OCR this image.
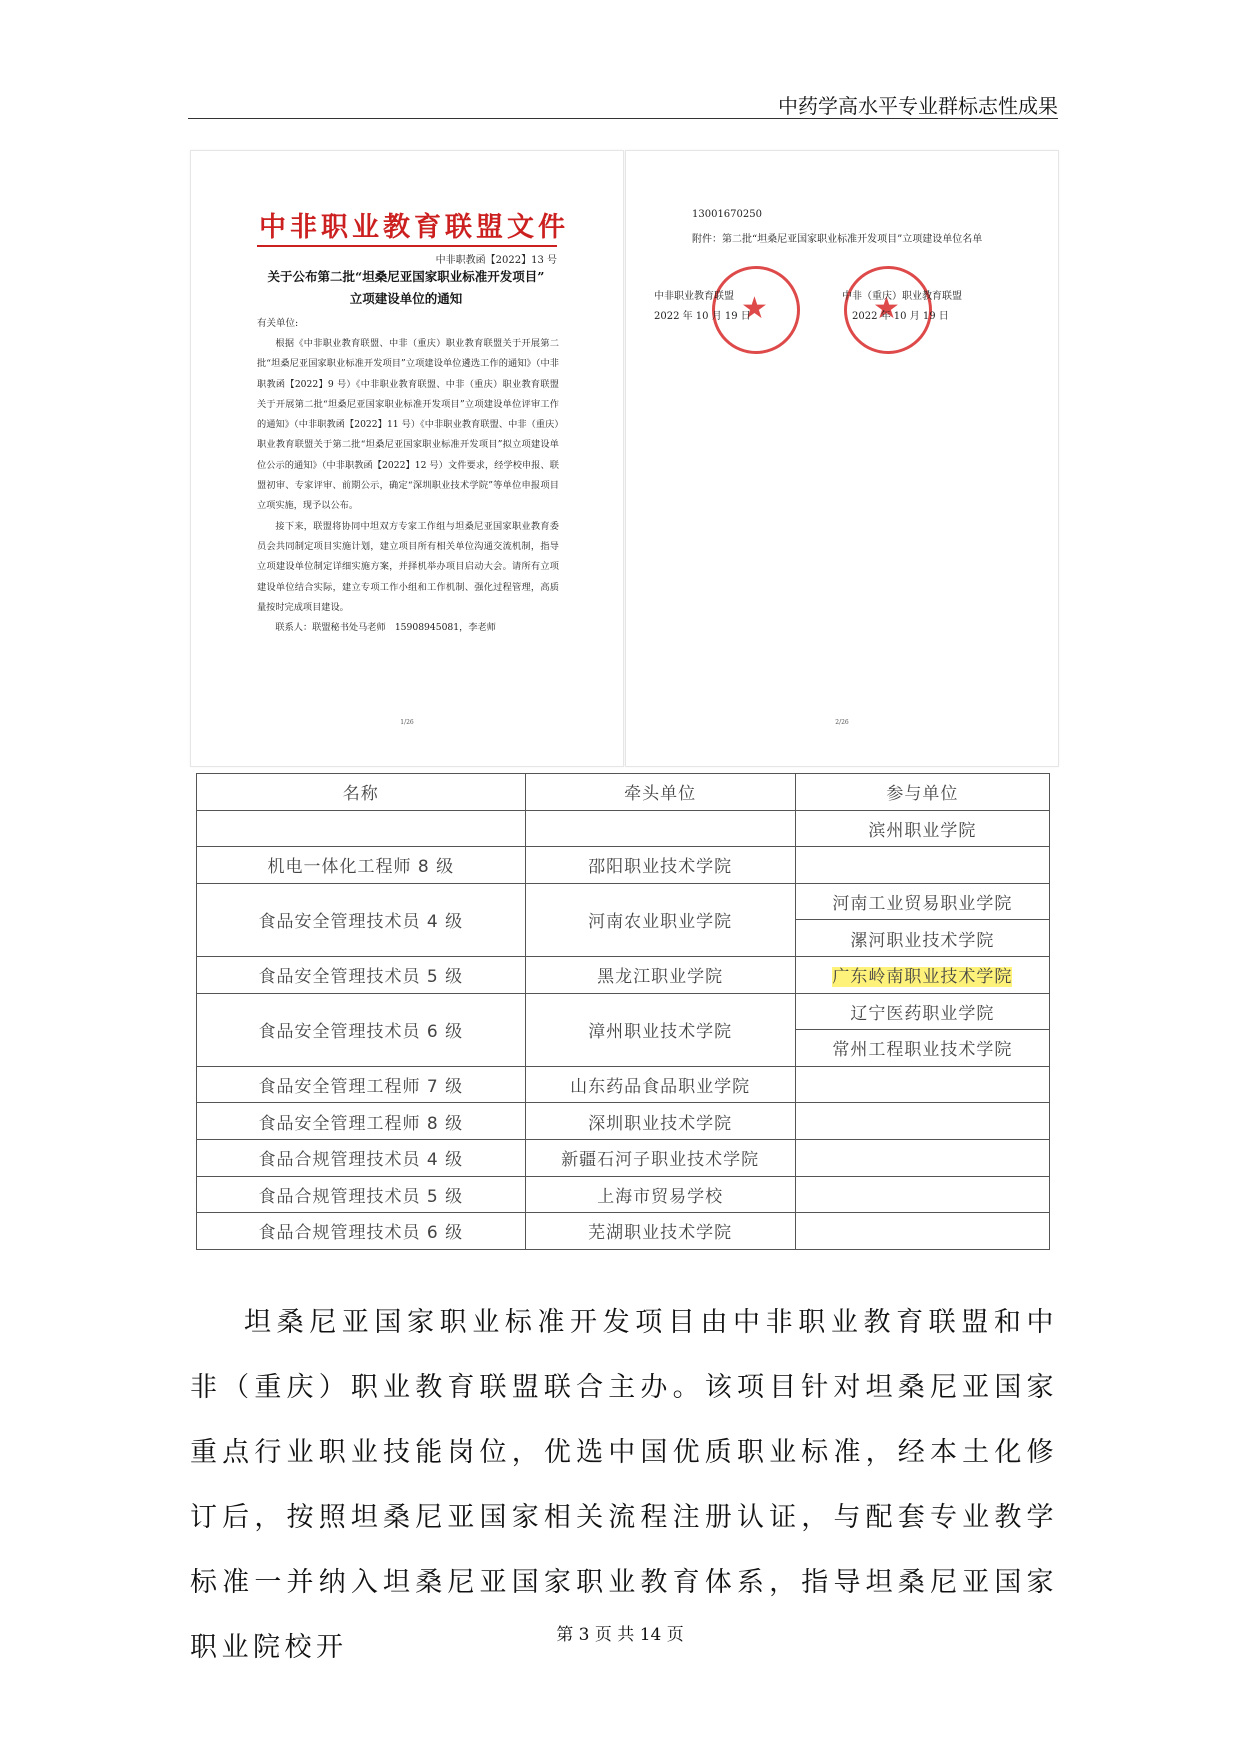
中药学高水平专业群标志性成果
中非职业教育联盟文件
中非职教函【2022】13 号
关于公布第二批“坦桑尼亚国家职业标准开发项目”
立项建设单位的通知
有关单位:

根据《中非职业教育联盟、中非（重庆）职业教育联盟关于开展第二批“坦桑尼亚国家职业标准开发项目”立项建设单位遴选工作的通知》（中非职教函【2022】9 号）《中非职业教育联盟、中非（重庆）职业教育联盟关于开展第二批“坦桑尼亚国家职业标准开发项目”立项建设单位评审工作的通知》（中非职教函【2022】11 号）《中非职业教育联盟、中非（重庆）职业教育联盟关于第二批“坦桑尼亚国家职业标准开发项目”拟立项建设单位公示的通知》（中非职教函【2022】12 号）文件要求，经学校申报、联盟初审、专家评审、前期公示，确定“深圳职业技术学院”等单位申报项目立项实施，现予以公布。

接下来，联盟将协同中坦双方专家工作组与坦桑尼亚国家职业教育委员会共同制定项目实施计划，建立项目所有相关单位沟通交流机制，指导立项建设单位制定详细实施方案，并择机举办项目启动大会。请所有立项建设单位结合实际，建立专项工作小组和工作机制、强化过程管理，高质量按时完成项目建设。

联系人：联盟秘书处马老师　15908945081，李老师

1/26
13001670250
附件：第二批“坦桑尼亚国家职业标准开发项目”立项建设单位名单
★
★
中非职业教育联盟
2022 年 10 月 19 日
中非（重庆）职业教育联盟
2022 年 10 月 19 日
2/26
名称	牵头单位	参与单位
		滨州职业学院
机电一体化工程师 8 级	邵阳职业技术学院	
食品安全管理技术员 4 级	河南农业职业学院	河南工业贸易职业学院
		漯河职业技术学院
食品安全管理技术员 5 级	黑龙江职业学院	广东岭南职业技术学院
食品安全管理技术员 6 级	漳州职业技术学院	辽宁医药职业学院
		常州工程职业技术学院
食品安全管理工程师 7 级	山东药品食品职业学院	
食品安全管理工程师 8 级	深圳职业技术学院	
食品合规管理技术员 4 级	新疆石河子职业技术学院	
食品合规管理技术员 5 级	上海市贸易学校	
食品合规管理技术员 6 级	芜湖职业技术学院	

坦桑尼亚国家职业标准开发项目由中非职业教育联盟和中非（重庆）职业教育联盟联合主办。该项目针对坦桑尼亚国家重点行业职业技能岗位，优选中国优质职业标准，经本土化修订后，按照坦桑尼亚国家相关流程注册认证，与配套专业教学标准一并纳入坦桑尼亚国家职业教育体系，指导坦桑尼亚国家职业院校开	第 3 页 共 14 页
